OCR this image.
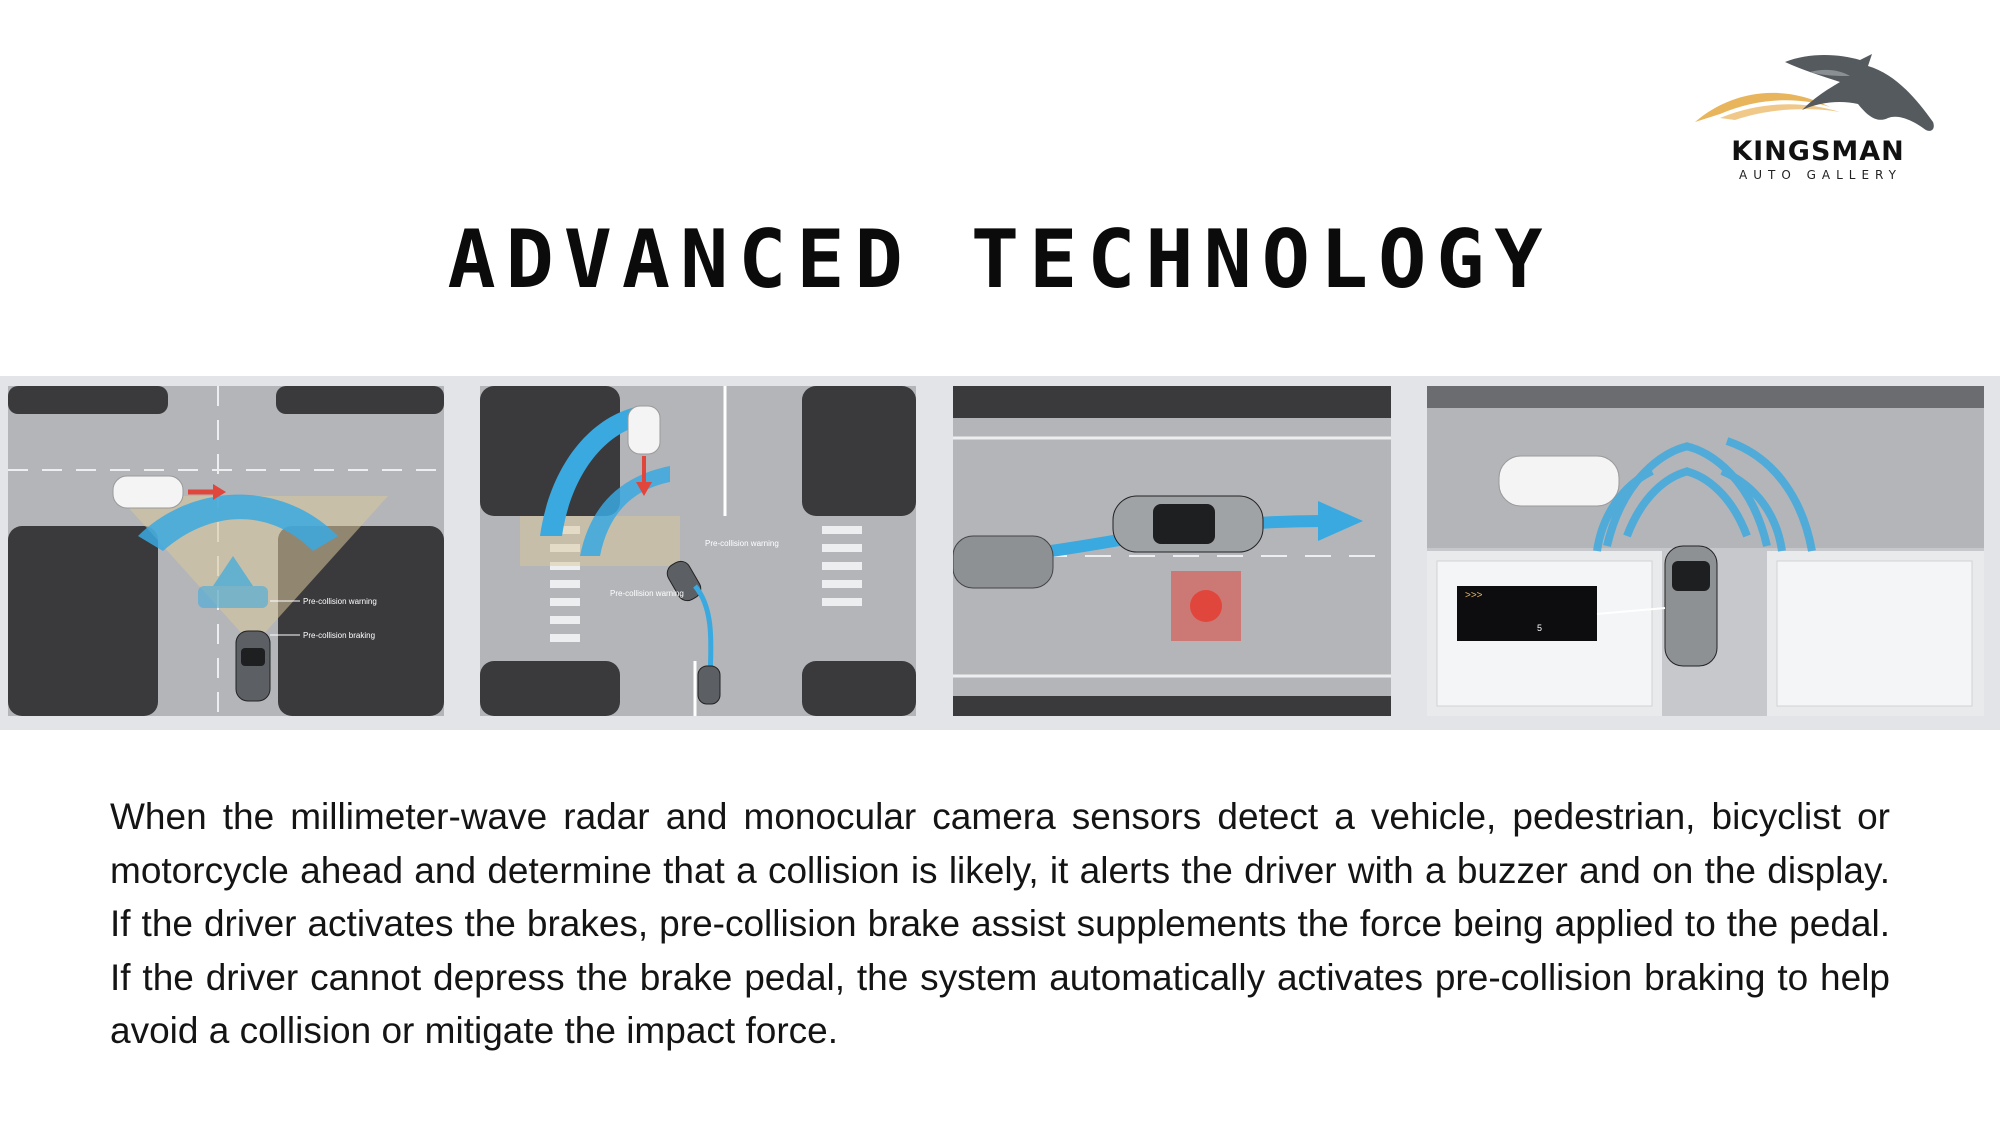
KINGSMAN
AUTO GALLERY
ADVANCED TECHNOLOGY
Pre-collision warning
Pre-collision braking
Pre-collision warning
Pre-collision warning	>>>
5
When the millimeter-wave radar and monocular camera sensors detect a vehicle, pedestrian, bicyclist or motorcycle ahead and determine that a collision is likely, it alerts the driver with a buzzer and on the display. If the driver activates the brakes, pre-collision brake assist supplements the force being applied to the pedal. If the driver cannot depress the brake pedal, the system automatically activates pre-collision braking to help avoid a collision or mitigate the impact force.
